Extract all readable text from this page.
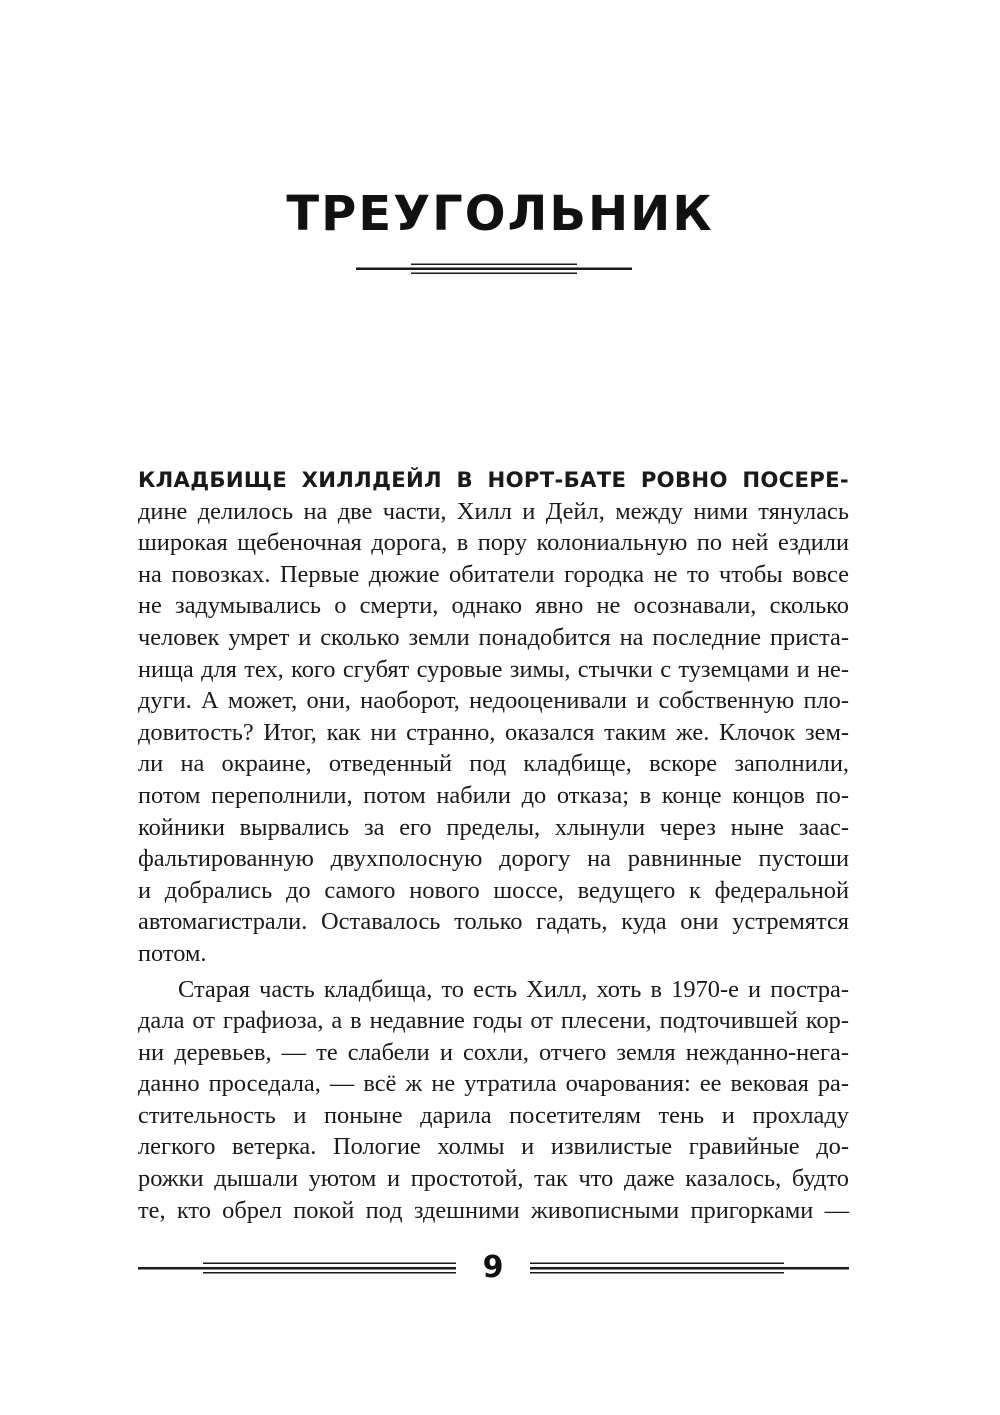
ТРЕУГОЛЬНИК
КЛАДБИЩЕ ХИЛЛДЕЙЛ В НОРТ-БАТЕ РОВНО ПОСЕРЕ-
дине делилось на две части, Хилл и Дейл, между ними тянулась
широкая щебеночная дорога, в пору колониальную по ней ездили
на повозках. Первые дюжие обитатели городка не то чтобы вовсе
не задумывались о смерти, однако явно не осознавали, сколько
человек умрет и сколько земли понадобится на последние приста-
нища для тех, кого сгубят суровые зимы, стычки с туземцами и не-
дуги. А может, они, наоборот, недооценивали и собственную пло-
довитость? Итог, как ни странно, оказался таким же. Клочок зем-
ли на окраине, отведенный под кладбище, вскоре заполнили,
потом переполнили, потом набили до отказа; в конце концов по-
койники вырвались за его пределы, хлынули через ныне заас-
фальтированную двухполосную дорогу на равнинные пустоши
и добрались до самого нового шоссе, ведущего к федеральной
автомагистрали. Оставалось только гадать, куда они устремятся
потом.
Старая часть кладбища, то есть Хилл, хоть в 1970-е и постра-
дала от графиоза, а в недавние годы от плесени, подточившей кор-
ни деревьев, — те слабели и сохли, отчего земля нежданно-нега-
данно проседала, — всё ж не утратила очарования: ее вековая ра-
стительность и поныне дарила посетителям тень и прохладу
легкого ветерка. Пологие холмы и извилистые гравийные до-
рожки дышали уютом и простотой, так что даже казалось, будто
те, кто обрел покой под здешними живописными пригорками —
9
